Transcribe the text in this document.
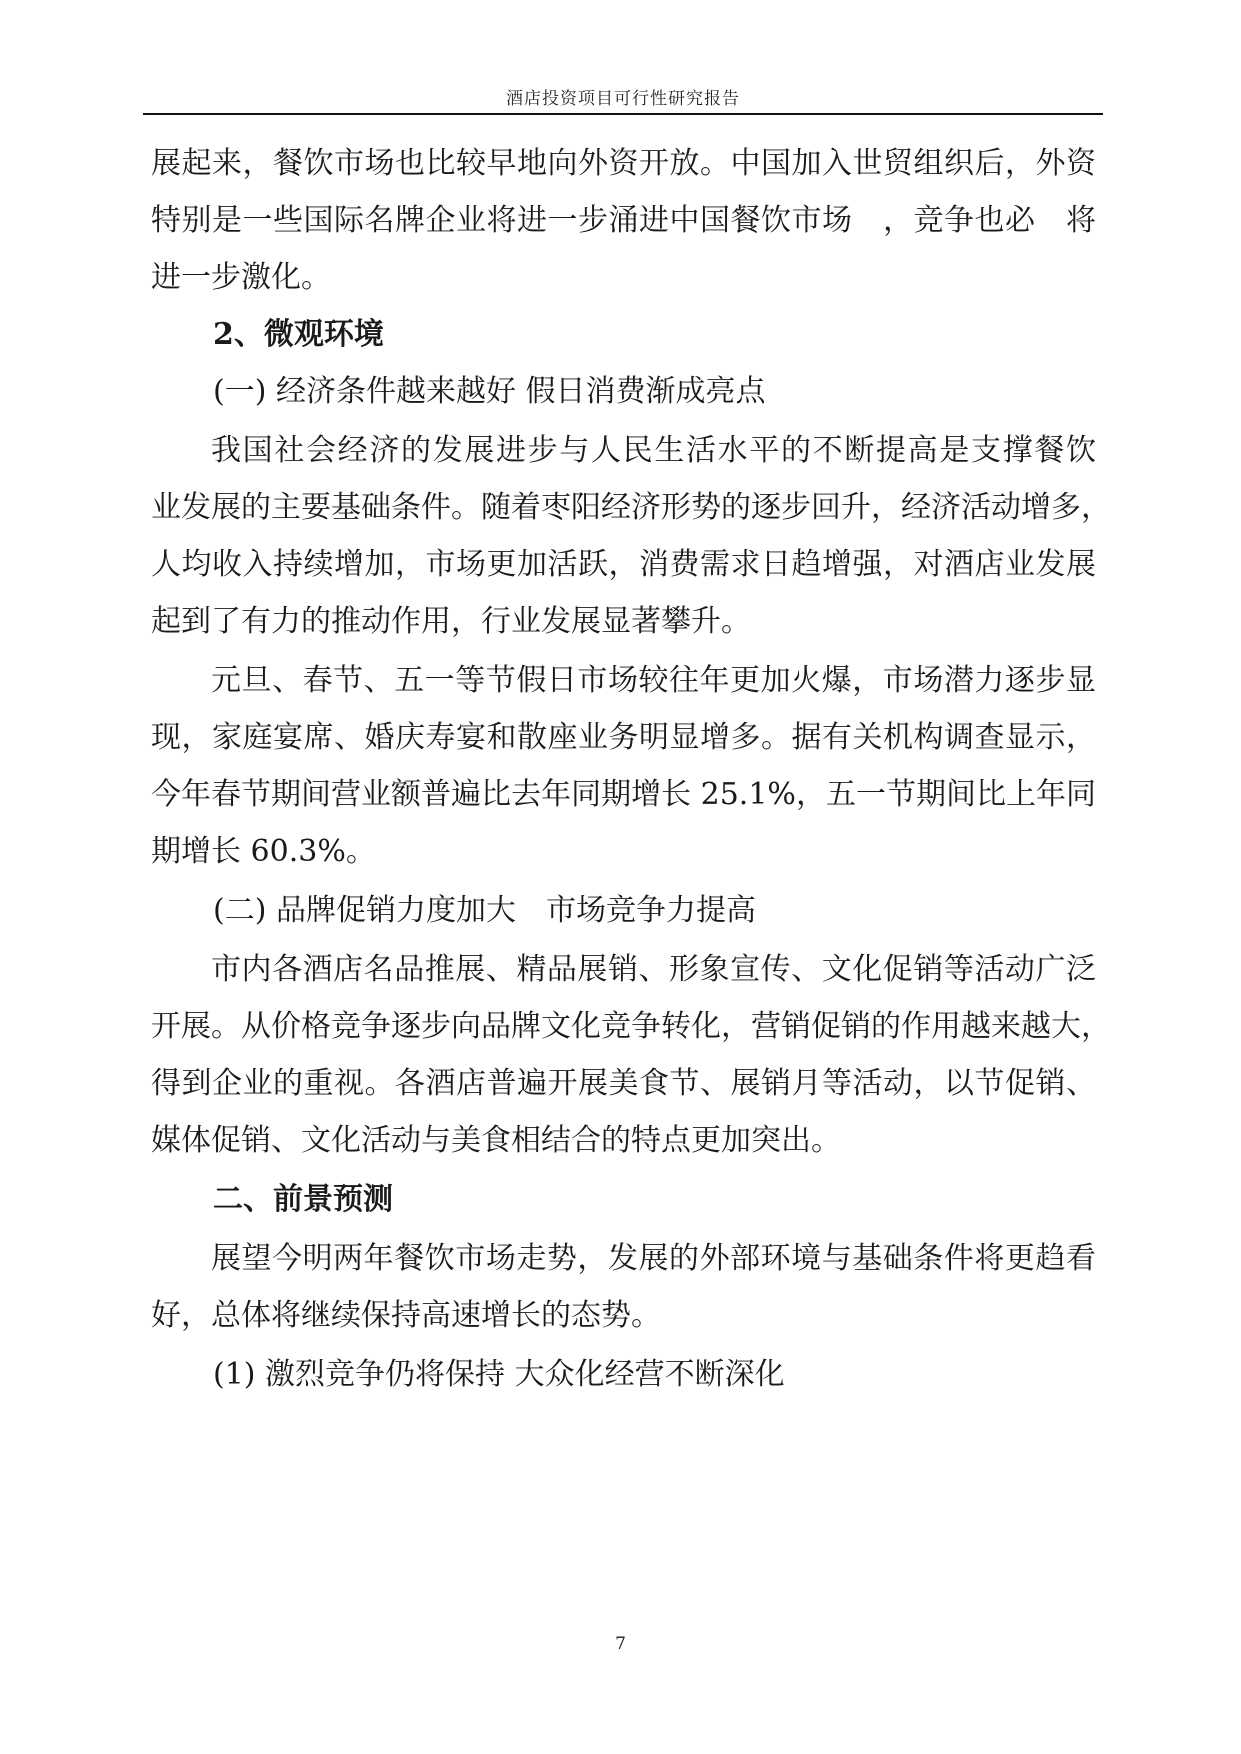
酒店投资项目可行性研究报告
展起来，餐饮市场也比较早地向外资开放。中国加入世贸组织后，外资
特别是一些国际名牌企业将进一步涌进中国餐饮市场　，竞争也必　将
进一步激化。
2、微观环境
(一) 经济条件越来越好 假日消费渐成亮点
我国社会经济的发展进步与人民生活水平的不断提高是支撑餐饮
业发展的主要基础条件。随着枣阳经济形势的逐步回升，经济活动增多，
人均收入持续增加，市场更加活跃，消费需求日趋增强，对酒店业发展
起到了有力的推动作用，行业发展显著攀升。
元旦、春节、五一等节假日市场较往年更加火爆，市场潜力逐步显
现，家庭宴席、婚庆寿宴和散座业务明显增多。据有关机构调查显示，
今年春节期间营业额普遍比去年同期增长 25.1%，五一节期间比上年同
期增长 60.3%。
(二) 品牌促销力度加大　市场竞争力提高
市内各酒店名品推展、精品展销、形象宣传、文化促销等活动广泛
开展。从价格竞争逐步向品牌文化竞争转化，营销促销的作用越来越大，
得到企业的重视。各酒店普遍开展美食节、展销月等活动，以节促销、
媒体促销、文化活动与美食相结合的特点更加突出。
二、前景预测
展望今明两年餐饮市场走势，发展的外部环境与基础条件将更趋看
好，总体将继续保持高速增长的态势。
(1) 激烈竞争仍将保持 大众化经营不断深化
7
